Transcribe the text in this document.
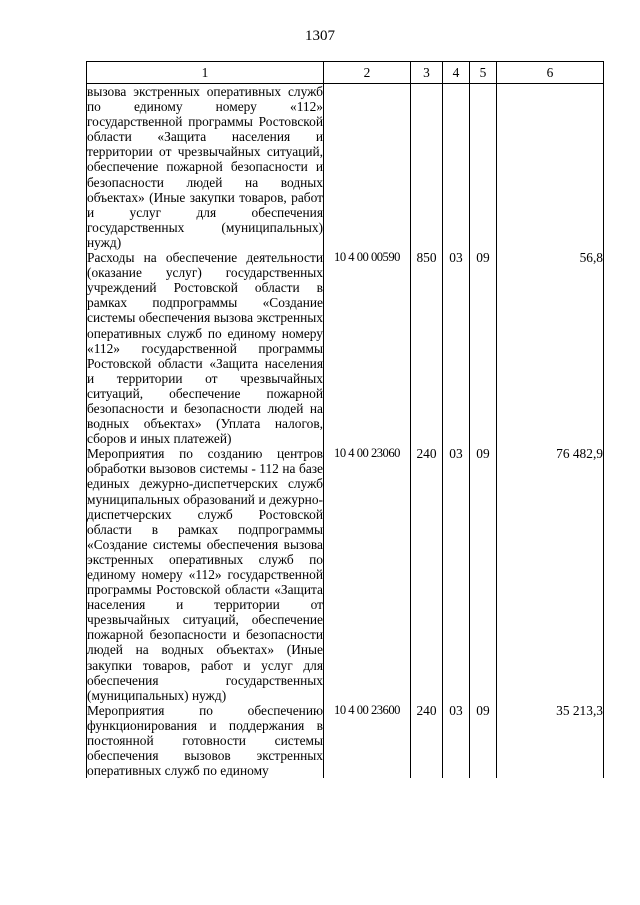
1307
1	2	3	4	5	6
вызова экстренных оперативных служб по единому номеру «112» государственной программы Ростовской области «Защита населения и территории от чрезвычайных ситуаций, обеспечение пожарной безопасности и безопасности людей на водных объектах» (Иные закупки товаров, работ и услуг для обеспечения государственных (муниципальных) нужд)					
Расходы на обеспечение деятельности (оказание услуг) государственных учреждений Ростовской области в рамках подпрограммы «Создание системы обеспечения вызова экстренных оперативных служб по единому номеру «112» государственной программы Ростовской области «Защита населения и территории от чрезвычайных ситуаций, обеспечение пожарной безопасности и безопасности людей на водных объектах» (Уплата налогов, сборов и иных платежей)	10 4 00 00590	850	03	09	56,8
Мероприятия по созданию центров обработки вызовов системы - 112 на базе единых дежурно-диспетчерских служб муниципальных образований и дежурно-диспетчерских служб Ростовской области в рамках подпрограммы «Создание системы обеспечения вызова экстренных оперативных служб по единому номеру «112» государственной программы Ростовской области «Защита населения и территории от чрезвычайных ситуаций, обеспечение пожарной безопасности и безопасности людей на водных объектах» (Иные закупки товаров, работ и услуг для обеспечения государственных (муниципальных) нужд)	10 4 00 23060	240	03	09	76 482,9
Мероприятия по обеспечению функционирования и поддержания в постоянной готовности системы обеспечения вызовов экстренных оперативных служб по единому	10 4 00 23600	240	03	09	35 213,3
